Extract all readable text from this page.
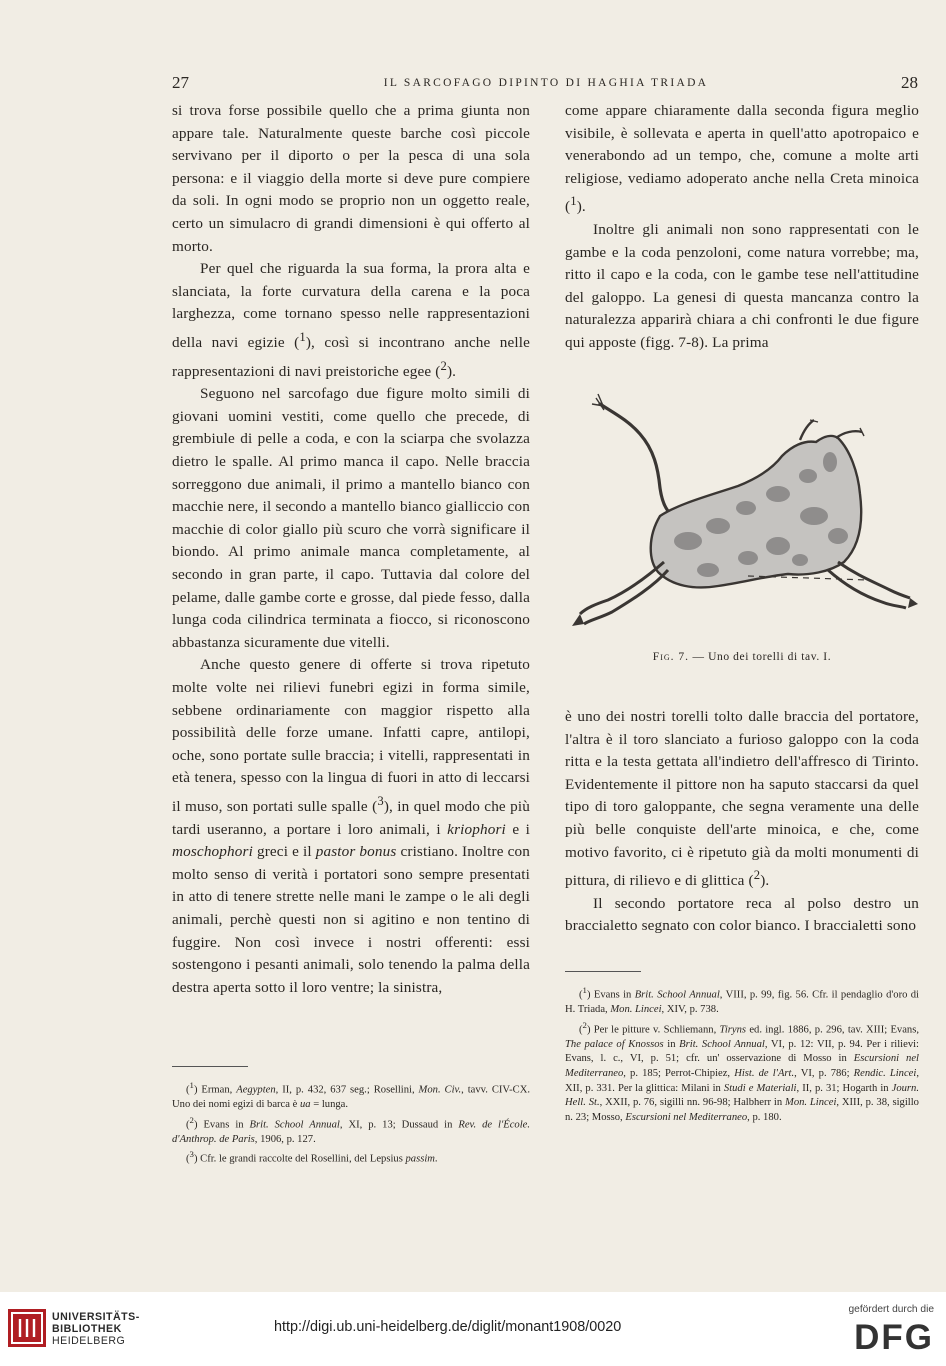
27	IL SARCOFAGO DIPINTO DI HAGHIA TRIADA	28

si trova forse possibile quello che a prima giunta non appare tale. Naturalmente queste barche così piccole servivano per il diporto o per la pesca di una sola persona: e il viaggio della morte si deve pure compiere da soli. In ogni modo se proprio non un oggetto reale, certo un simulacro di grandi dimensioni è qui offerto al morto.

Per quel che riguarda la sua forma, la prora alta e slanciata, la forte curvatura della carena e la poca larghezza, come tornano spesso nelle rappresentazioni della navi egizie ($^1$), così si incontrano anche nelle rappresentazioni di navi preistoriche egee ($^2$).

Seguono nel sarcofago due figure molto simili di giovani uomini vestiti, come quello che precede, di grembiule di pelle a coda, e con la sciarpa che svolazza dietro le spalle. Al primo manca il capo. Nelle braccia sorreggono due animali, il primo a mantello bianco con macchie nere, il secondo a mantello bianco gialliccio con macchie di color giallo più scuro che vorrà significare il biondo. Al primo animale manca completamente, al secondo in gran parte, il capo. Tuttavia dal colore del pelame, dalle gambe corte e grosse, dal piede fesso, dalla lunga coda cilindrica terminata a fiocco, si riconoscono abbastanza sicuramente due vitelli.

Anche questo genere di offerte si trova ripetuto molte volte nei rilievi funebri egizi in forma simile, sebbene ordinariamente con maggior rispetto alla possibilità delle forze umane. Infatti capre, antilopi, oche, sono portate sulle braccia; i vitelli, rappresentati in età tenera, spesso con la lingua di fuori in atto di leccarsi il muso, son portati sulle spalle ($^3$), in quel modo che più tardi useranno, a portare i loro animali, i kriophori e i moschophori greci e il pastor bonus cristiano. Inoltre con molto senso di verità i portatori sono sempre presentati in atto di tenere strette nelle mani le zampe o le ali degli animali, perchè questi non si agitino e non tentino di fuggire. Non così invece i nostri offerenti: essi sostengono i pesanti animali, solo tenendo la palma della destra aperta sotto il loro ventre; la sinistra,

($^1$) Erman, Aegypten, II, p. 432, 637 seg.; Rosellini, Mon. Civ., tavv. CIV-CX. Uno dei nomi egizi di barca è ua = lunga.

($^2$) Evans in Brit. School Annual, XI, p. 13; Dussaud in Rev. de l'École. d'Anthrop. de Paris, 1906, p. 127.

($^3$) Cfr. le grandi raccolte del Rosellini, del Lepsius passim.

come appare chiaramente dalla seconda figura meglio visibile, è sollevata e aperta in quell'atto apotropaico e venerabondo ad un tempo, che, comune a molte arti religiose, vediamo adoperato anche nella Creta minoica ($^1$).

Inoltre gli animali non sono rappresentati con le gambe e la coda penzoloni, come natura vorrebbe; ma, ritto il capo e la coda, con le gambe tese nell'attitudine del galoppo. La genesi di questa mancanza contro la naturalezza apparirà chiara a chi confronti le due figure qui apposte (figg. 7-8). La prima

Fig. 7. — Uno dei torelli di tav. I.

è uno dei nostri torelli tolto dalle braccia del portatore, l'altra è il toro slanciato a furioso galoppo con la coda ritta e la testa gettata all'indietro dell'affresco di Tirinto. Evidentemente il pittore non ha saputo staccarsi da quel tipo di toro galoppante, che segna veramente una delle più belle conquiste dell'arte minoica, e che, come motivo favorito, ci è ripetuto già da molti monumenti di pittura, di rilievo e di glittica ($^2$).

Il secondo portatore reca al polso destro un braccialetto segnato con color bianco. I braccialetti sono

($^1$) Evans in Brit. School Annual, VIII, p. 99, fig. 56. Cfr. il pendaglio d'oro di H. Triada, Mon. Lincei, XIV, p. 738.

($^2$) Per le pitture v. Schliemann, Tiryns ed. ingl. 1886, p. 296, tav. XIII; Evans, The palace of Knossos in Brit. School Annual, VI, p. 12: VII, p. 94. Per i rilievi: Evans, l. c., VI, p. 51; cfr. un' osservazione di Mosso in Escursioni nel Mediterraneo, p. 185; Perrot-Chipiez, Hist. de l'Art., VI, p. 786; Rendic. Lincei, XII, p. 331. Per la glittica: Milani in Studi e Materiali, II, p. 31; Hogarth in Journ. Hell. St., XXII, p. 76, sigilli nn. 96-98; Halbherr in Mon. Lincei, XIII, p. 38, sigillo n. 23; Mosso, Escursioni nel Mediterraneo, p. 180.

UNIVERSITÄTS-
BIBLIOTHEK
HEIDELBERG
http://digi.ub.uni-heidelberg.de/diglit/monant1908/0020
gefördert durch die
DFG
